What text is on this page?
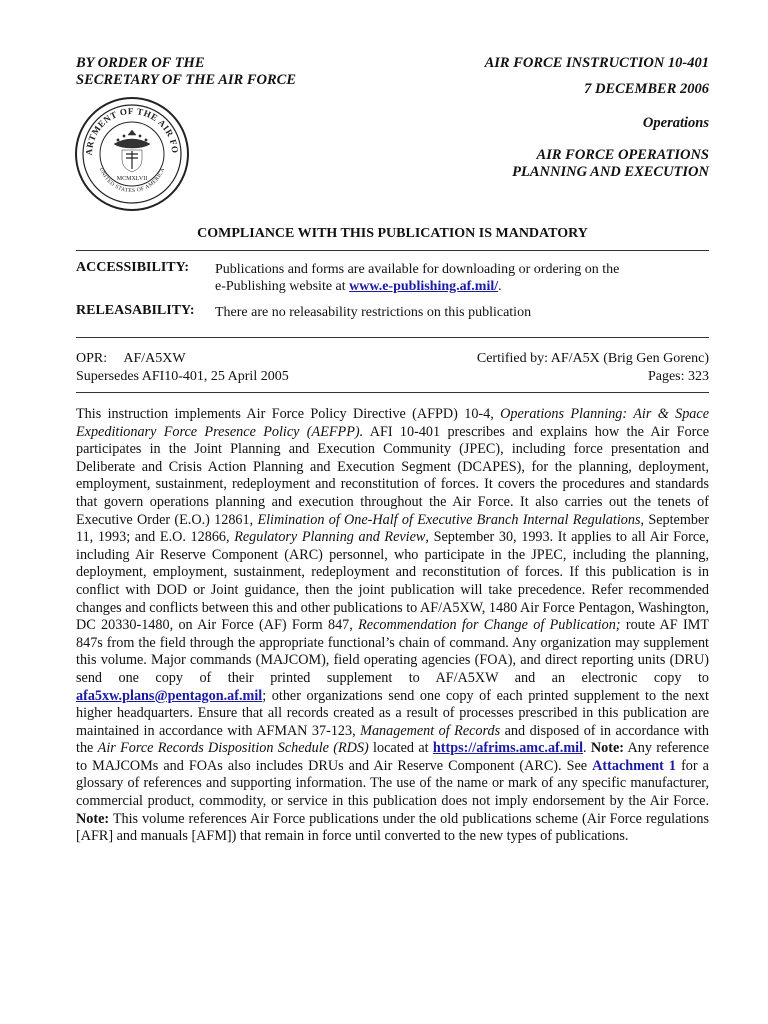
BY ORDER OF THE
SECRETARY OF THE AIR FORCE
AIR FORCE INSTRUCTION 10-401
7 DECEMBER 2006
Operations
AIR FORCE OPERATIONS
PLANNING AND EXECUTION
ARTMENT OF THE AIR FO
UNITED STATES OF AMERICA
MCMXLVII
COMPLIANCE WITH THIS PUBLICATION IS MANDATORY
ACCESSIBILITY: Publications and forms are available for downloading or ordering on the
e-Publishing website at www.e-publishing.af.mil/.
RELEASABILITY: There are no releasability restrictions on this publication
OPR: AF/A5XW
Supersedes AFI10-401, 25 April 2005
Certified by: AF/A5X (Brig Gen Gorenc)
Pages: 323
This instruction implements Air Force Policy Directive (AFPD) 10-4, Operations Planning: Air & Space Expeditionary Force Presence Policy (AEFPP). AFI 10-401 prescribes and explains how the Air Force participates in the Joint Planning and Execution Community (JPEC), including force presentation and Deliberate and Crisis Action Planning and Execution Segment (DCAPES), for the planning, deployment, employment, sustainment, redeployment and reconstitution of forces. It covers the procedures and standards that govern operations planning and execution throughout the Air Force. It also carries out the tenets of Executive Order (E.O.) 12861, Elimination of One-Half of Executive Branch Internal Regulations, September 11, 1993; and E.O. 12866, Regulatory Planning and Review, September 30, 1993. It applies to all Air Force, including Air Reserve Component (ARC) personnel, who participate in the JPEC, including the planning, deployment, employment, sustainment, redeployment and reconstitution of forces. If this publication is in conflict with DOD or Joint guidance, then the joint publication will take precedence. Refer recommended changes and conflicts between this and other publications to AF/A5XW, 1480 Air Force Pentagon, Washington, DC 20330-1480, on Air Force (AF) Form 847, Recommendation for Change of Publication; route AF IMT 847s from the field through the appropriate functional’s chain of command. Any organization may supplement this volume. Major commands (MAJCOM), field operating agencies (FOA), and direct reporting units (DRU) send one copy of their printed supplement to AF/A5XW and an electronic copy to afa5xw.plans@pentagon.af.mil; other organizations send one copy of each printed supplement to the next higher headquarters. Ensure that all records created as a result of processes prescribed in this publication are maintained in accordance with AFMAN 37-123, Management of Records and disposed of in accordance with the Air Force Records Disposition Schedule (RDS) located at https://afrims.amc.af.mil. Note: Any reference to MAJCOMs and FOAs also includes DRUs and Air Reserve Component (ARC). See Attachment 1 for a glossary of references and supporting information. The use of the name or mark of any specific manufacturer, commercial product, commodity, or service in this publication does not imply endorsement by the Air Force. Note: This volume references Air Force publications under the old publications scheme (Air Force regulations [AFR] and manuals [AFM]) that remain in force until converted to the new types of publications.
